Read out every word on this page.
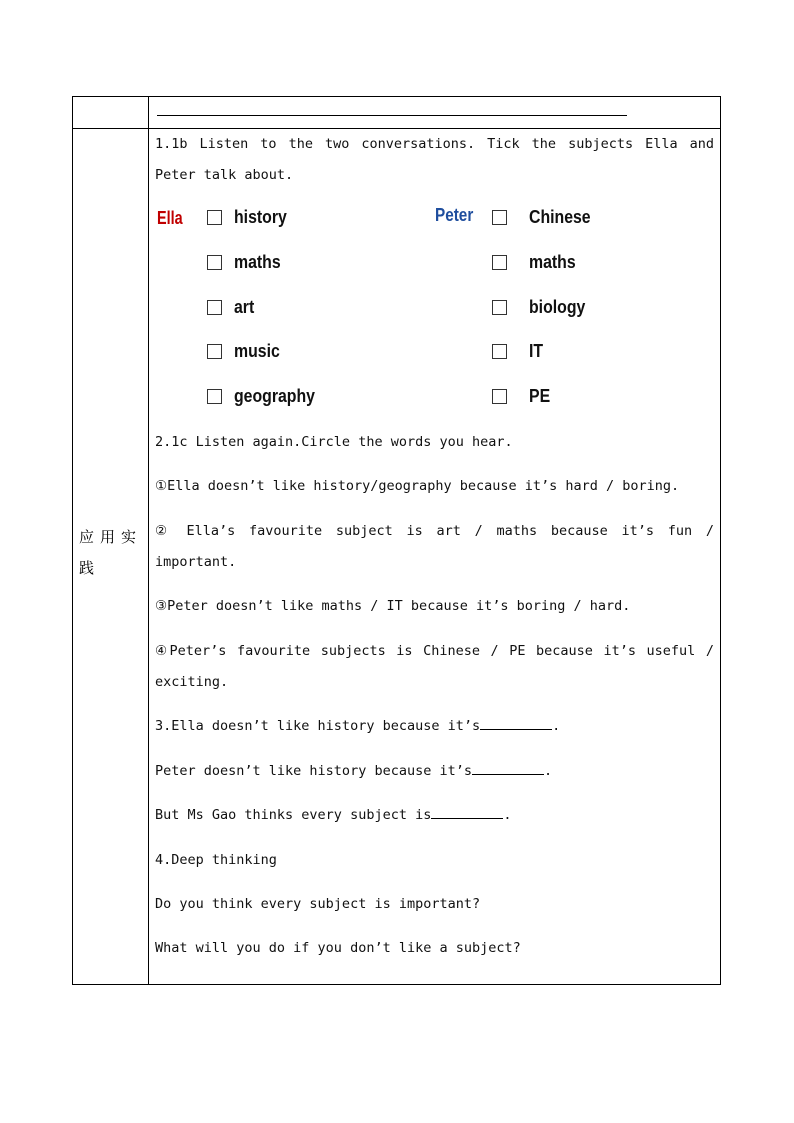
应用实践
1.1b Listen to the two conversations. Tick the subjects Ella and Peter talk about.
Ella	Peter
history
maths
art
music
geography
Chinese
maths
biology
IT
PE
2.1c Listen again.Circle the words you hear.
①Ella doesn’t like history/geography because it’s hard / boring.
② Ella’s favourite subject is art / maths because it’s fun / important.
③Peter doesn’t like maths / IT because it’s boring / hard.
④Peter’s favourite subjects is Chinese / PE because it’s useful / exciting.
3.Ella doesn’t like history because it’s	.
Peter doesn’t like history because it’s	.
But Ms Gao thinks every subject is	.
4.Deep thinking
Do you think every subject is important?
What will you do if you don’t like a subject?
